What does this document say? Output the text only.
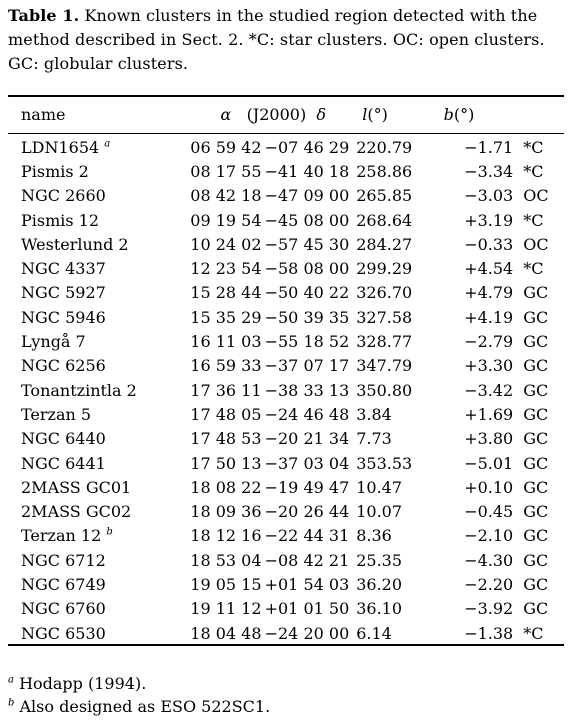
Table 1. Known clusters in the studied region detected with the method described in Sect. 2. *C: star clusters. OC: open clusters. GC: globular clusters.
name	α (J2000) δ		l(°)	b(°)	
LDN1654 $^a$	06 59 42	−07 46 29	220.79	−1.71	*C
Pismis 2	08 17 55	−41 40 18	258.86	−3.34	*C
NGC 2660	08 42 18	−47 09 00	265.85	−3.03	OC
Pismis 12	09 19 54	−45 08 00	268.64	+3.19	*C
Westerlund 2	10 24 02	−57 45 30	284.27	−0.33	OC
NGC 4337	12 23 54	−58 08 00	299.29	+4.54	*C
NGC 5927	15 28 44	−50 40 22	326.70	+4.79	GC
NGC 5946	15 35 29	−50 39 35	327.58	+4.19	GC
Lyngå 7	16 11 03	−55 18 52	328.77	−2.79	GC
NGC 6256	16 59 33	−37 07 17	347.79	+3.30	GC
Tonantzintla 2	17 36 11	−38 33 13	350.80	−3.42	GC
Terzan 5	17 48 05	−24 46 48	3.84	+1.69	GC
NGC 6440	17 48 53	−20 21 34	7.73	+3.80	GC
NGC 6441	17 50 13	−37 03 04	353.53	−5.01	GC
2MASS GC01	18 08 22	−19 49 47	10.47	+0.10	GC
2MASS GC02	18 09 36	−20 26 44	10.07	−0.45	GC
Terzan 12 $^b$	18 12 16	−22 44 31	8.36	−2.10	GC
NGC 6712	18 53 04	−08 42 21	25.35	−4.30	GC
NGC 6749	19 05 15	+01 54 03	36.20	−2.20	GC
NGC 6760	19 11 12	+01 01 50	36.10	−3.92	GC
NGC 6530	18 04 48	−24 20 00	6.14	−1.38	*C
$^a$ Hodapp (1994).
$^b$ Also designed as ESO 522SC1.
